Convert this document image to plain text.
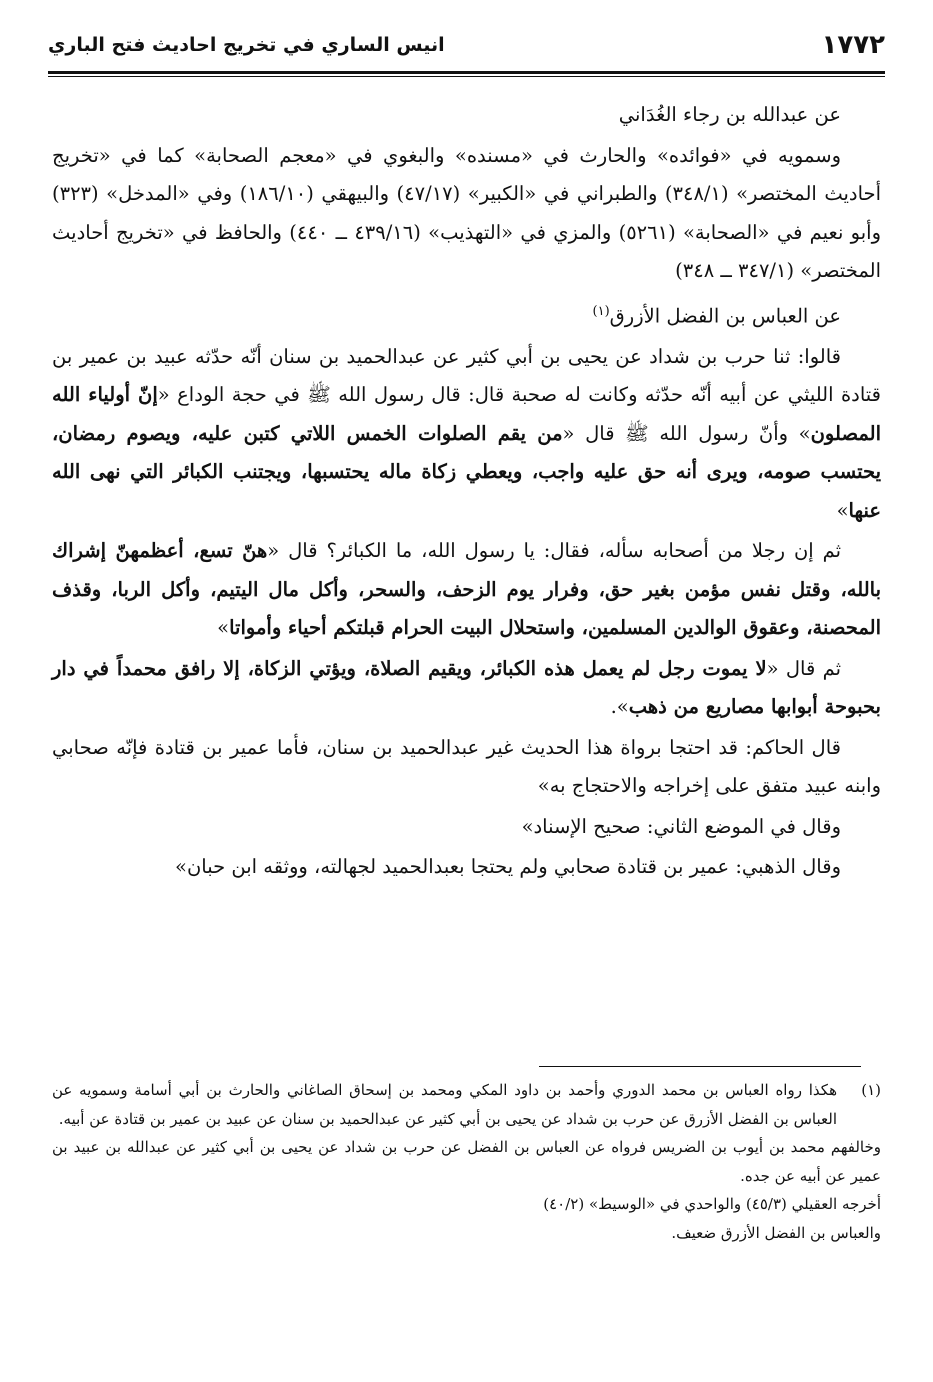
١٧٧٢
انيس الساري في تخريج احاديث فتح الباري

عن عبدالله بن رجاء الغُدَاني

وسمويه في «فوائده» والحارث في «مسنده» والبغوي في «معجم الصحابة» كما في «تخريج أحاديث المختصر» (٣٤٨/١) والطبراني في «الكبير» (٤٧/١٧) والبيهقي (١٨٦/١٠) وفي «المدخل» (٣٢٣) وأبو نعيم في «الصحابة» (٥٢٦١) والمزي في «التهذيب» (٤٣٩/١٦ ــ ٤٤٠) والحافظ في «تخريج أحاديث المختصر» (٣٤٧/١ ــ ٣٤٨)

عن العباس بن الفضل الأزرق$^{(١)}$

قالوا: ثنا حرب بن شداد عن يحيى بن أبي كثير عن عبدالحميد بن سنان أنّه حدّثه عبيد بن عمير بن قتادة الليثي عن أبيه أنّه حدّثه وكانت له صحبة قال: قال رسول الله ﷺ في حجة الوداع «إنّ أولياء الله المصلون» وأنّ رسول الله ﷺ قال «من يقم الصلوات الخمس اللاتي كتبن عليه، ويصوم رمضان، يحتسب صومه، ويرى أنه حق عليه واجب، ويعطي زكاة ماله يحتسبها، ويجتنب الكبائر التي نهى الله عنها»

ثم إن رجلا من أصحابه سأله، فقال: يا رسول الله، ما الكبائر؟ قال «هنّ تسع، أعظمهنّ إشراك بالله، وقتل نفس مؤمن بغير حق، وفرار يوم الزحف، والسحر، وأكل مال اليتيم، وأكل الربا، وقذف المحصنة، وعقوق الوالدين المسلمين، واستحلال البيت الحرام قبلتكم أحياء وأمواتا»

ثم قال «لا يموت رجل لم يعمل هذه الكبائر، ويقيم الصلاة، ويؤتي الزكاة، إلا رافق محمداً في دار بحبوحة أبوابها مصاريع من ذهب».

قال الحاكم: قد احتجا برواة هذا الحديث غير عبدالحميد بن سنان، فأما عمير بن قتادة فإنّه صحابي وابنه عبيد متفق على إخراجه والاحتجاج به»

وقال في الموضع الثاني: صحيح الإسناد»

وقال الذهبي: عمير بن قتادة صحابي ولم يحتجا بعبدالحميد لجهالته، ووثقه ابن حبان»

(١)
هكذا رواه العباس بن محمد الدوري وأحمد بن داود المكي ومحمد بن إسحاق الصاغاني والحارث بن أبي أسامة وسمويه عن العباس بن الفضل الأزرق عن حرب بن شداد عن يحيى بن أبي كثير عن عبدالحميد بن سنان عن عبيد بن عمير بن قتادة عن أبيه.

وخالفهم محمد بن أيوب بن الضريس فرواه عن العباس بن الفضل عن حرب بن شداد عن يحيى بن أبي كثير عن عبدالله بن عبيد بن عمير عن أبيه عن جده.

أخرجه العقيلي (٤٥/٣) والواحدي في «الوسيط» (٤٠/٢)

والعباس بن الفضل الأزرق ضعيف.
